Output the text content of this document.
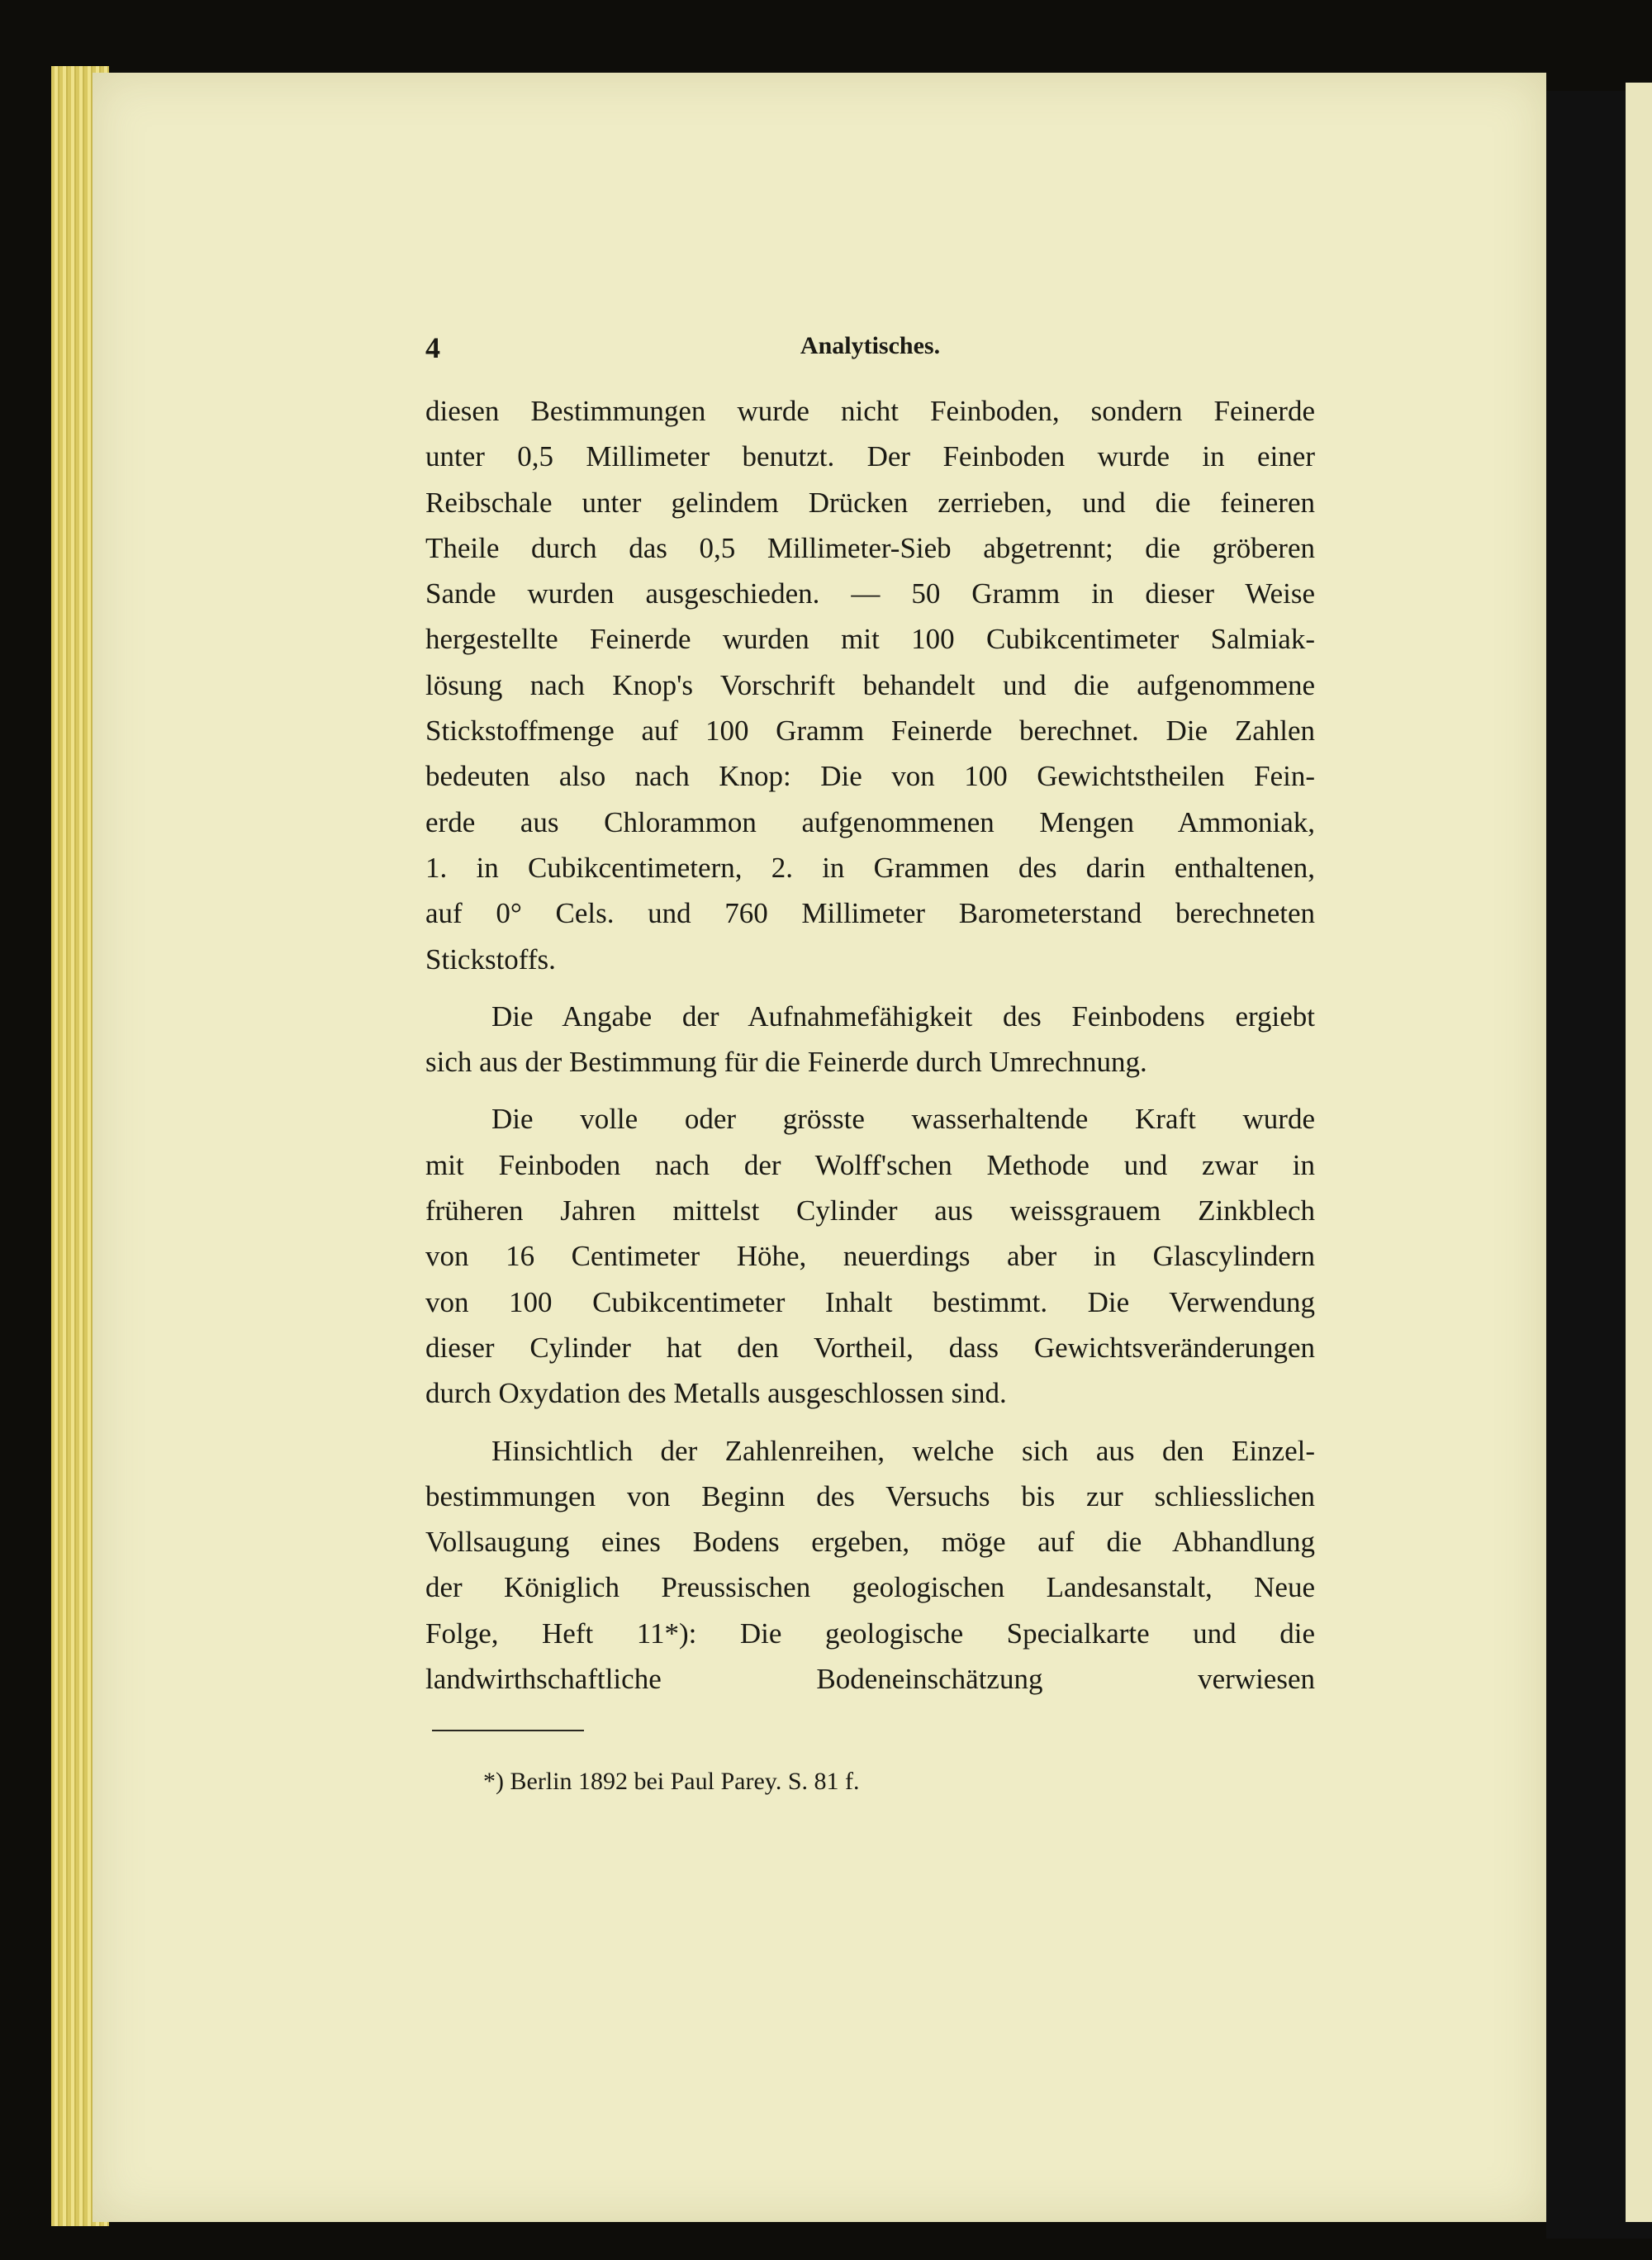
4	Analytisches.
diesen Bestimmungen wurde nicht Feinboden, sondern Feinerde
unter 0,5 Millimeter benutzt. Der Feinboden wurde in einer
Reibschale unter gelindem Drücken zerrieben, und die feineren
Theile durch das 0,5 Millimeter-Sieb abgetrennt; die gröberen
Sande wurden ausgeschieden. — 50 Gramm in dieser Weise
hergestellte Feinerde wurden mit 100 Cubikcentimeter Salmiak-
lösung nach Knop's Vorschrift behandelt und die aufgenommene
Stickstoffmenge auf 100 Gramm Feinerde berechnet. Die Zahlen
bedeuten also nach Knop: Die von 100 Gewichtstheilen Fein-
erde aus Chlorammon aufgenommenen Mengen Ammoniak,
1. in Cubikcentimetern, 2. in Grammen des darin enthaltenen,
auf 0° Cels. und 760 Millimeter Barometerstand berechneten
Stickstoffs.
Die Angabe der Aufnahmefähigkeit des Feinbodens ergiebt
sich aus der Bestimmung für die Feinerde durch Umrechnung.
Die volle oder grösste wasserhaltende Kraft wurde
mit Feinboden nach der Wolff'schen Methode und zwar in
früheren Jahren mittelst Cylinder aus weissgrauem Zinkblech
von 16 Centimeter Höhe, neuerdings aber in Glascylindern
von 100 Cubikcentimeter Inhalt bestimmt. Die Verwendung
dieser Cylinder hat den Vortheil, dass Gewichtsveränderungen
durch Oxydation des Metalls ausgeschlossen sind.
Hinsichtlich der Zahlenreihen, welche sich aus den Einzel-
bestimmungen von Beginn des Versuchs bis zur schliesslichen
Vollsaugung eines Bodens ergeben, möge auf die Abhandlung
der Königlich Preussischen geologischen Landesanstalt, Neue
Folge, Heft 11*): Die geologische Specialkarte und die
landwirthschaftliche Bodeneinschätzung verwiesen
*) Berlin 1892 bei Paul Parey. S. 81 f.
